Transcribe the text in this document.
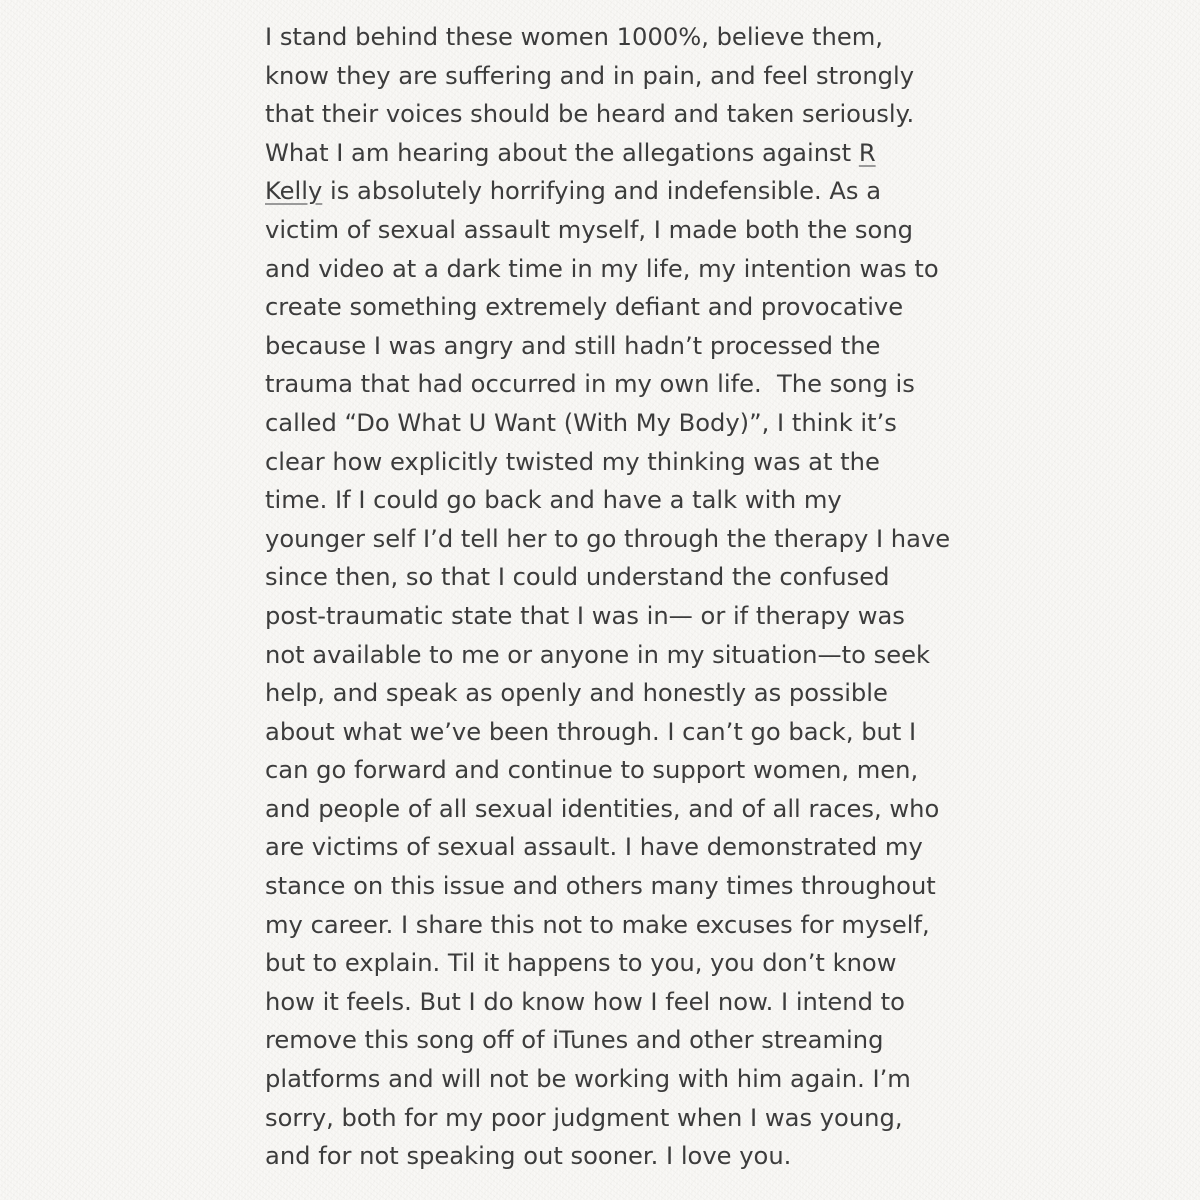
I stand behind these women 1000%, believe them,
know they are suffering and in pain, and feel strongly
that their voices should be heard and taken seriously.
What I am hearing about the allegations against R
Kelly is absolutely horrifying and indefensible. As a
victim of sexual assault myself, I made both the song
and video at a dark time in my life, my intention was to
create something extremely defiant and provocative
because I was angry and still hadn’t processed the
trauma that had occurred in my own life.  The song is
called “Do What U Want (With My Body)”, I think it’s
clear how explicitly twisted my thinking was at the
time. If I could go back and have a talk with my
younger self I’d tell her to go through the therapy I have
since then, so that I could understand the confused
post-traumatic state that I was in— or if therapy was
not available to me or anyone in my situation—to seek
help, and speak as openly and honestly as possible
about what we’ve been through. I can’t go back, but I
can go forward and continue to support women, men,
and people of all sexual identities, and of all races, who
are victims of sexual assault. I have demonstrated my
stance on this issue and others many times throughout
my career. I share this not to make excuses for myself,
but to explain. Til it happens to you, you don’t know
how it feels. But I do know how I feel now. I intend to
remove this song off of iTunes and other streaming
platforms and will not be working with him again. I’m
sorry, both for my poor judgment when I was young,
and for not speaking out sooner. I love you.
